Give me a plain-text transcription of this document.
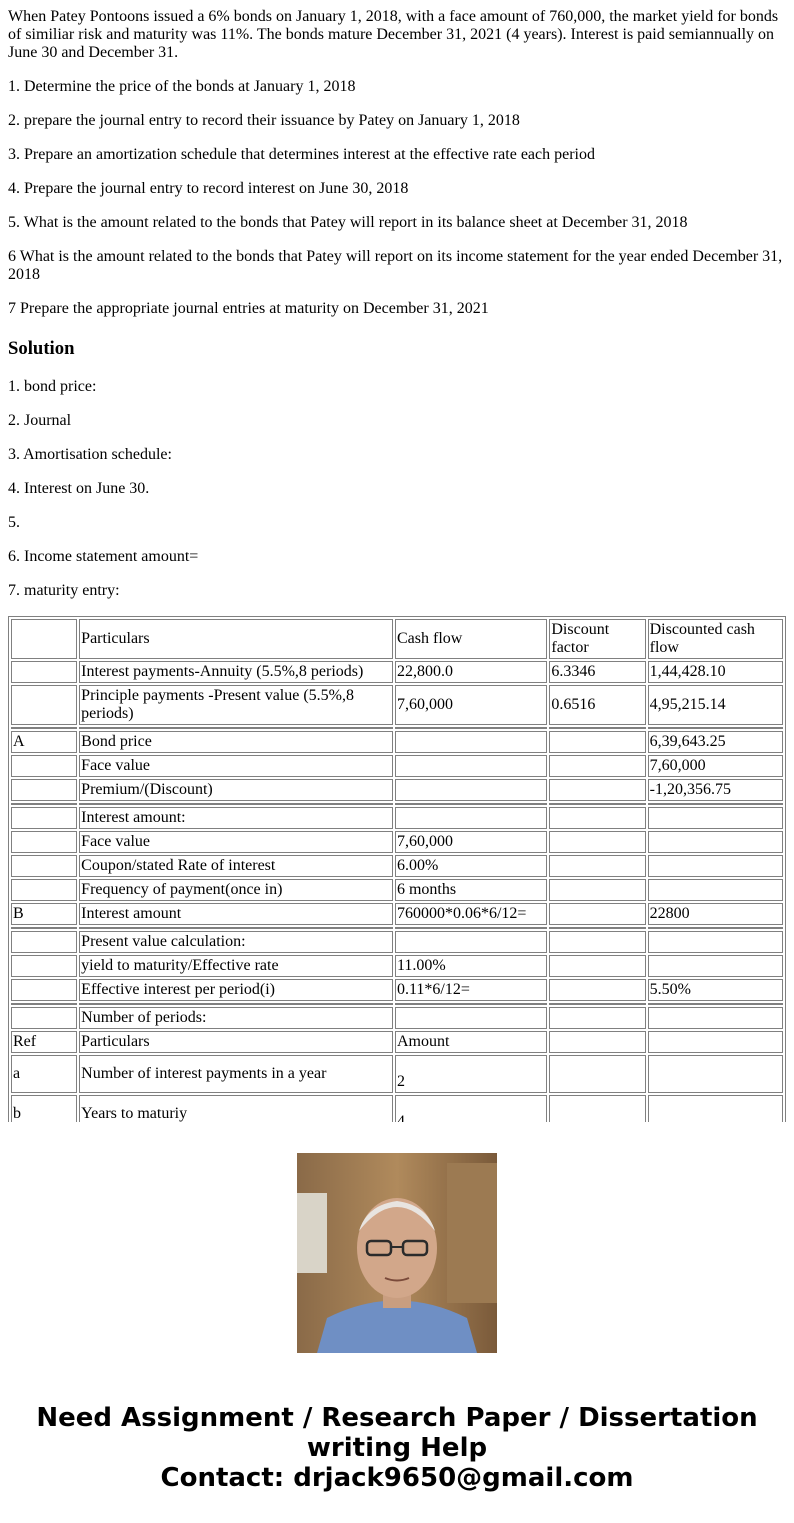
When Patey Pontoons issued a 6% bonds on January 1, 2018, with a face amount of 760,000, the market yield for bonds of similiar risk and maturity was 11%. The bonds mature December 31, 2021 (4 years). Interest is paid semiannually on June 30 and December 31.

1. Determine the price of the bonds at January 1, 2018

2. prepare the journal entry to record their issuance by Patey on January 1, 2018

3. Prepare an amortization schedule that determines interest at the effective rate each period

4. Prepare the journal entry to record interest on June 30, 2018

5. What is the amount related to the bonds that Patey will report in its balance sheet at December 31, 2018

6 What is the amount related to the bonds that Patey will report on its income statement for the year ended December 31, 2018

7 Prepare the appropriate journal entries at maturity on December 31, 2021

Solution

1. bond price:

2. Journal

3. Amortisation schedule:

4. Interest on June 30.

5.

6. Income statement amount=

7. maturity entry:

	Particulars	Cash flow	Discount factor	Discounted cash flow
	Interest payments-Annuity (5.5%,8 periods)	22,800.0	6.3346	1,44,428.10
	Principle payments -Present value (5.5%,8 periods)	7,60,000	0.6516	4,95,215.14

A	Bond price			6,39,643.25
	Face value			7,60,000
	Premium/(Discount)			-1,20,356.75

	Interest amount:			
	Face value	7,60,000		
	Coupon/stated Rate of interest	6.00%		
	Frequency of payment(once in)	6 months		
B	Interest amount	760000*0.06*6/12=		22800

	Present value calculation:			
	yield to maturity/Effective rate	11.00%		
	Effective interest per period(i)	0.11*6/12=		5.50%

	Number of periods:			
Ref	Particulars	Amount		
a	Number of interest payments in a year	2		
b	Years to maturiy			

Need Assignment / Research Paper / Dissertation
writing Help
Contact: drjack9650@gmail.com
